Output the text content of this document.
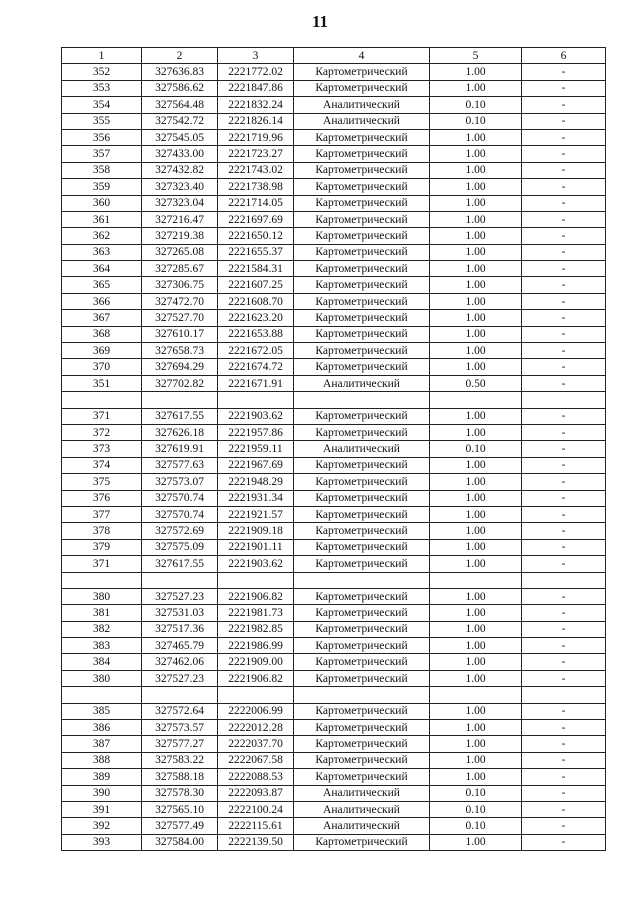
11
1	2	3	4	5	6
352	327636.83	2221772.02	Картометрический	1.00	-
353	327586.62	2221847.86	Картометрический	1.00	-
354	327564.48	2221832.24	Аналитический	0.10	-
355	327542.72	2221826.14	Аналитический	0.10	-
356	327545.05	2221719.96	Картометрический	1.00	-
357	327433.00	2221723.27	Картометрический	1.00	-
358	327432.82	2221743.02	Картометрический	1.00	-
359	327323.40	2221738.98	Картометрический	1.00	-
360	327323.04	2221714.05	Картометрический	1.00	-
361	327216.47	2221697.69	Картометрический	1.00	-
362	327219.38	2221650.12	Картометрический	1.00	-
363	327265.08	2221655.37	Картометрический	1.00	-
364	327285.67	2221584.31	Картометрический	1.00	-
365	327306.75	2221607.25	Картометрический	1.00	-
366	327472.70	2221608.70	Картометрический	1.00	-
367	327527.70	2221623.20	Картометрический	1.00	-
368	327610.17	2221653.88	Картометрический	1.00	-
369	327658.73	2221672.05	Картометрический	1.00	-
370	327694.29	2221674.72	Картометрический	1.00	-
351	327702.82	2221671.91	Аналитический	0.50	-

371	327617.55	2221903.62	Картометрический	1.00	-
372	327626.18	2221957.86	Картометрический	1.00	-
373	327619.91	2221959.11	Аналитический	0.10	-
374	327577.63	2221967.69	Картометрический	1.00	-
375	327573.07	2221948.29	Картометрический	1.00	-
376	327570.74	2221931.34	Картометрический	1.00	-
377	327570.74	2221921.57	Картометрический	1.00	-
378	327572.69	2221909.18	Картометрический	1.00	-
379	327575.09	2221901.11	Картометрический	1.00	-
371	327617.55	2221903.62	Картометрический	1.00	-

380	327527.23	2221906.82	Картометрический	1.00	-
381	327531.03	2221981.73	Картометрический	1.00	-
382	327517.36	2221982.85	Картометрический	1.00	-
383	327465.79	2221986.99	Картометрический	1.00	-
384	327462.06	2221909.00	Картометрический	1.00	-
380	327527.23	2221906.82	Картометрический	1.00	-

385	327572.64	2222006.99	Картометрический	1.00	-
386	327573.57	2222012.28	Картометрический	1.00	-
387	327577.27	2222037.70	Картометрический	1.00	-
388	327583.22	2222067.58	Картометрический	1.00	-
389	327588.18	2222088.53	Картометрический	1.00	-
390	327578.30	2222093.87	Аналитический	0.10	-
391	327565.10	2222100.24	Аналитический	0.10	-
392	327577.49	2222115.61	Аналитический	0.10	-
393	327584.00	2222139.50	Картометрический	1.00	-
